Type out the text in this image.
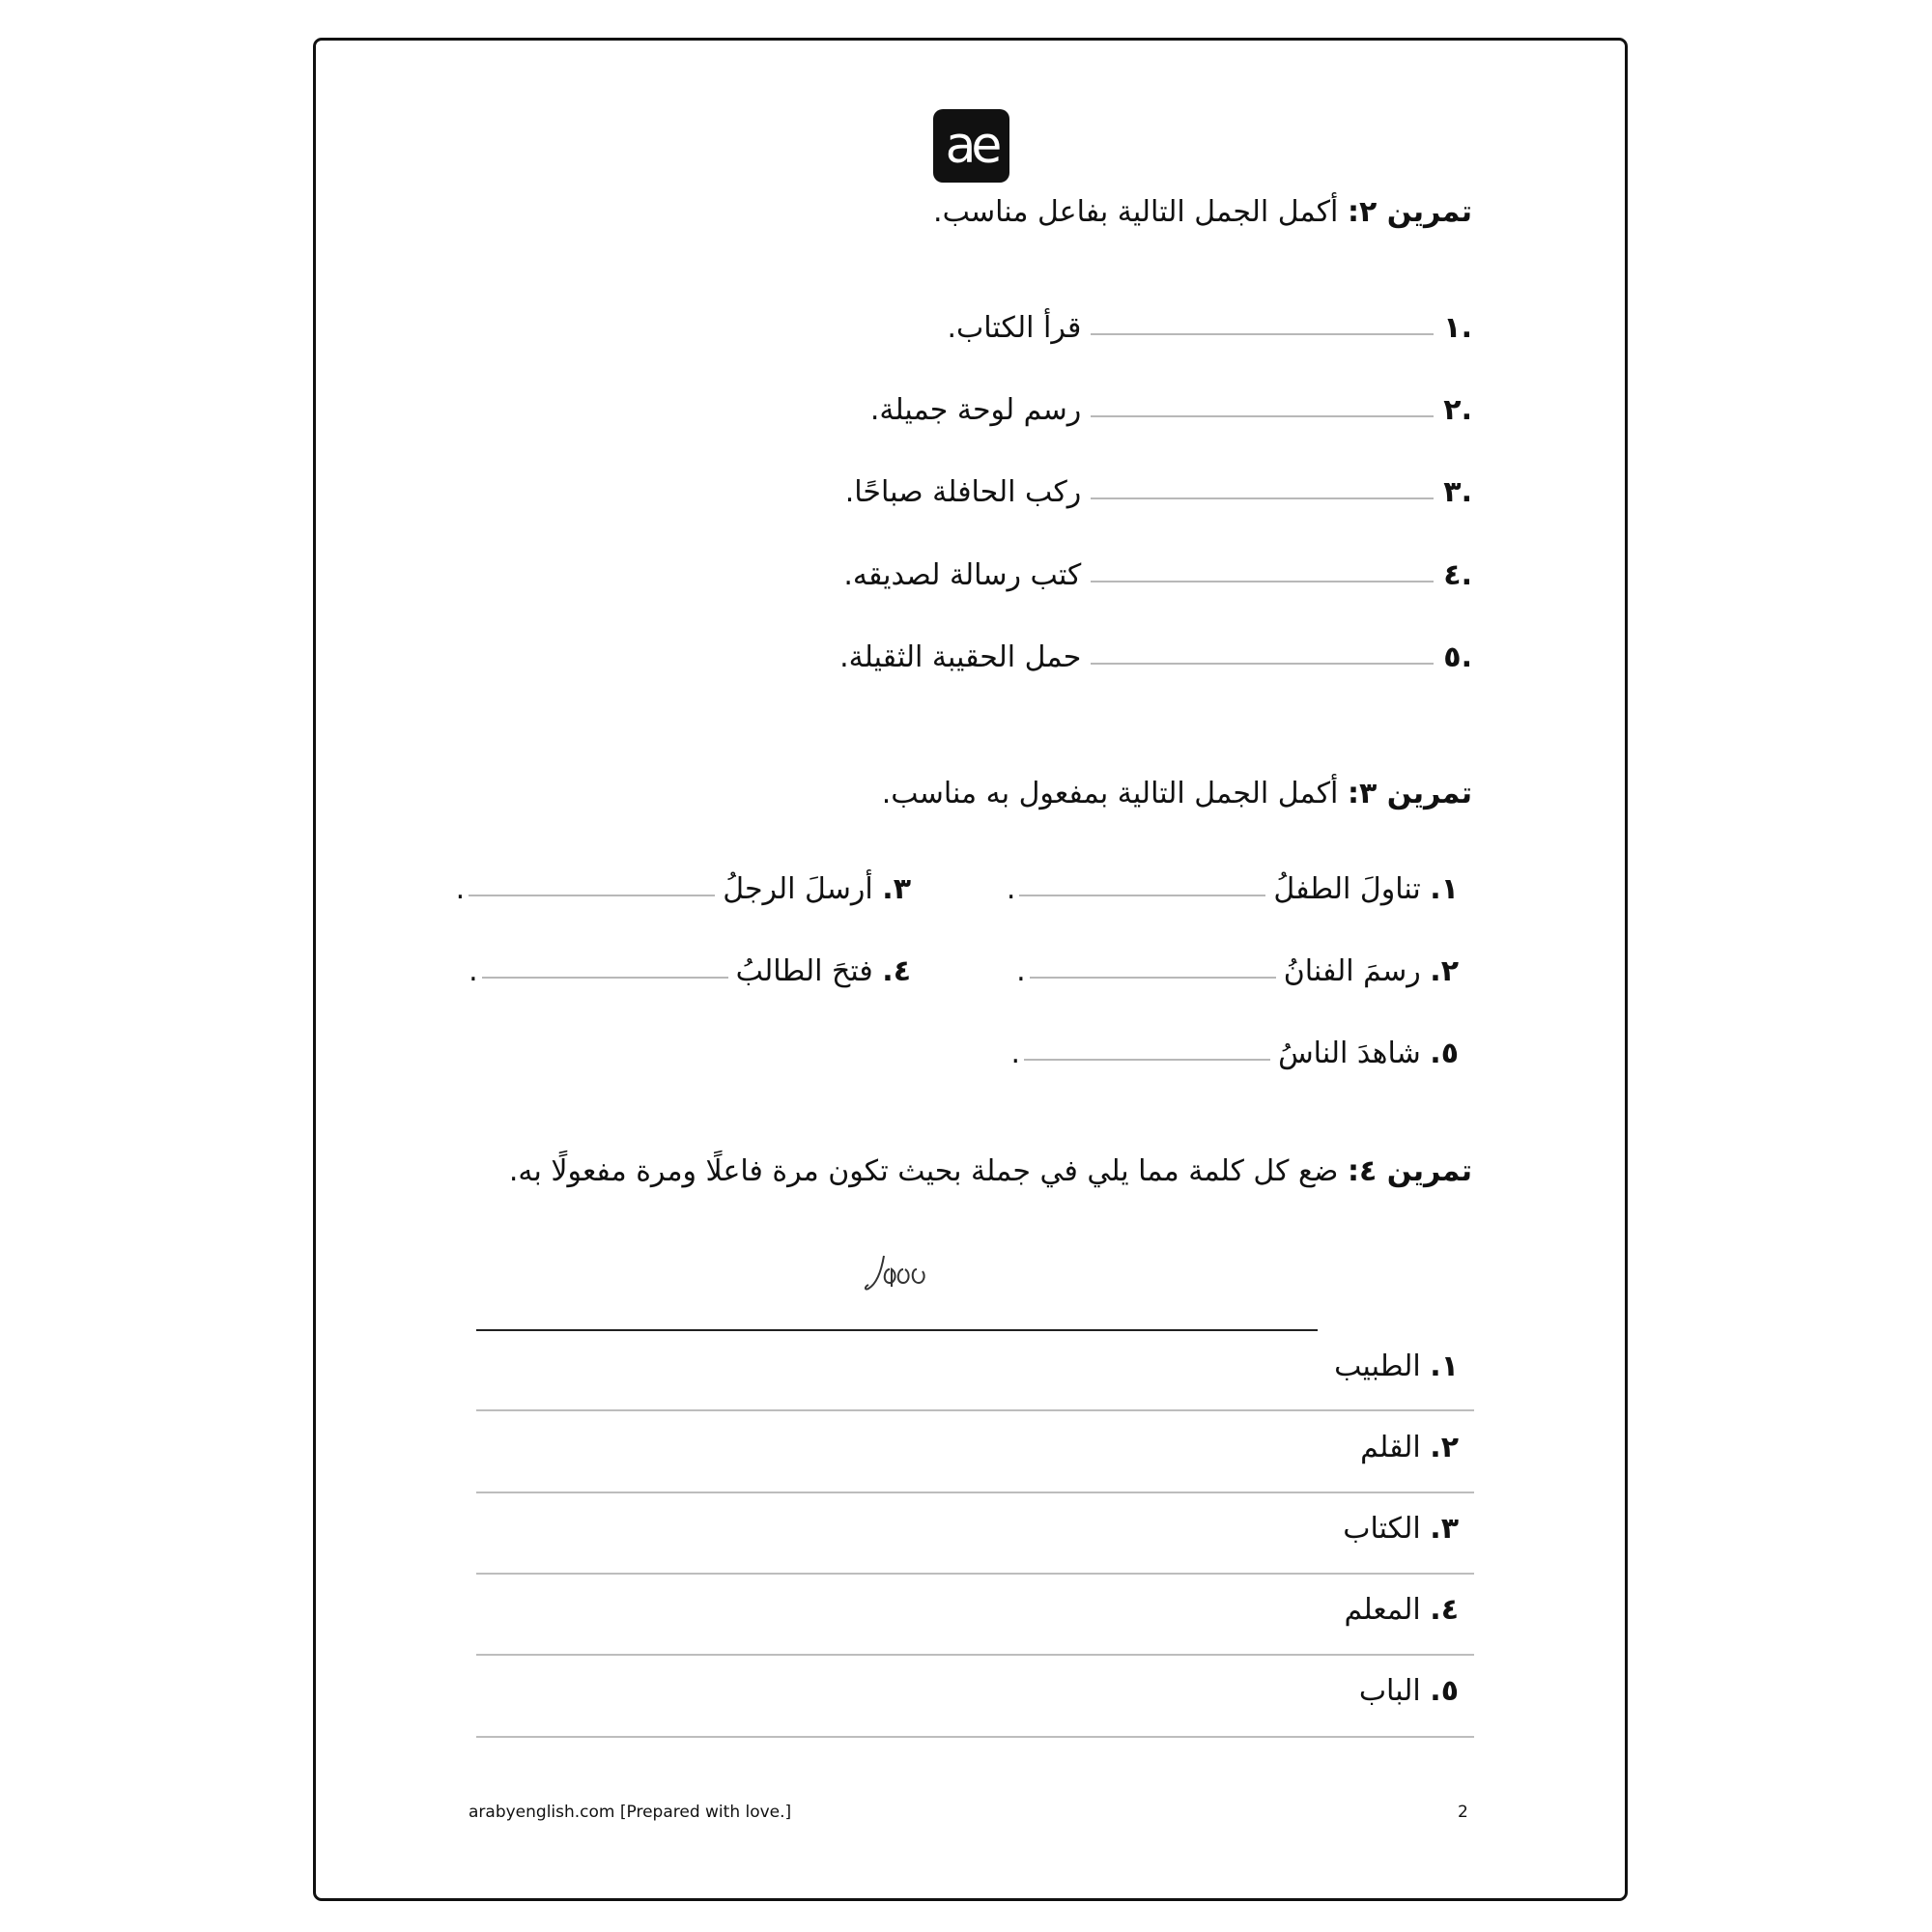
ae
تمرين ٢: أكمل الجمل التالية بفاعل مناسب.
.١
قرأ الكتاب.
.٢
رسم لوحة جميلة.
.٣
ركب الحافلة صباحًا.
.٤
كتب رسالة لصديقه.
.٥
حمل الحقيبة الثقيلة.
تمرين ٣: أكمل الجمل التالية بمفعول به مناسب.
١.

تناولَ الطفلُ
.
٢.

رسمَ الفنانُ
.
٣.

أرسلَ الرجلُ
.
٤.

فتحَ الطالبُ
.
٥.

شاهدَ الناسُ
.
تمرين ٤: ضع كل كلمة مما يلي في جملة بحيث تكون مرة فاعلًا ومرة مفعولًا به.
١. الطبيب
٢. القلم
٣. الكتاب
٤. المعلم
٥. الباب
arabyenglish.com [Prepared with love.]	2
